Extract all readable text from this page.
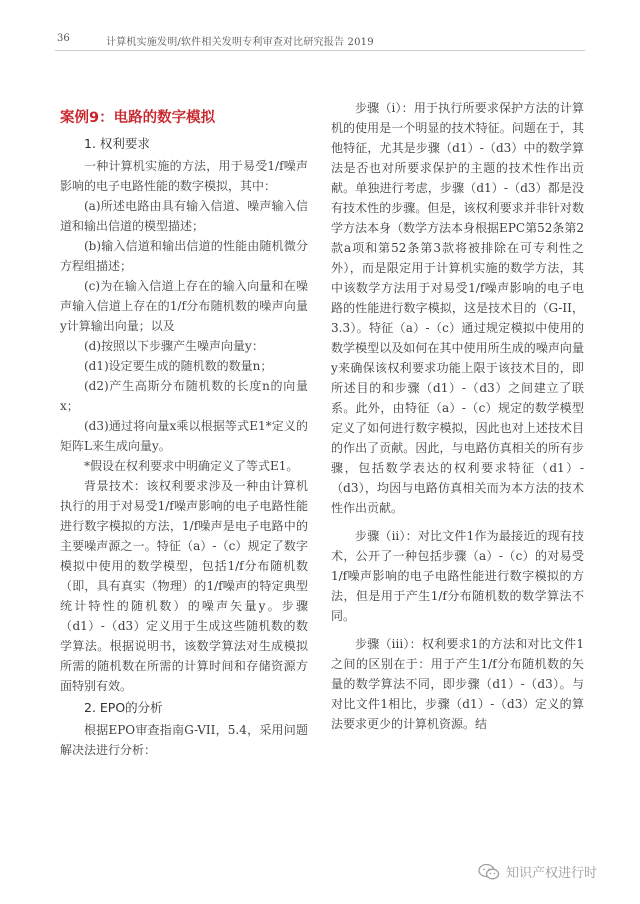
36	计算机实施发明/软件相关发明专利审查对比研究报告 2019
案例9：电路的数字模拟
1. 权利要求

一种计算机实施的方法，用于易受1/f噪声影响的电子电路性能的数字模拟，其中：

(a)所述电路由具有输入信道、噪声输入信道和输出信道的模型描述；

(b)输入信道和输出信道的性能由随机微分方程组描述；

(c)为在输入信道上存在的输入向量和在噪声输入信道上存在的1/f分布随机数的噪声向量y计算输出向量；以及

(d)按照以下步骤产生噪声向量y：

(d1)设定要生成的随机数的数量n；

(d2)产生高斯分布随机数的长度n的向量x；

(d3)通过将向量x乘以根据等式E1*定义的矩阵L来生成向量y。

*假设在权利要求中明确定义了等式E1。

背景技术：该权利要求涉及一种由计算机执行的用于对易受1/f噪声影响的电子电路性能进行数字模拟的方法，1/f噪声是电子电路中的主要噪声源之一。特征（a）-（c）规定了数字模拟中使用的数学模型，包括1/f分布随机数（即，具有真实（物理）的1/f噪声的特定典型统计特性的随机数）的噪声矢量y。步骤（d1）-（d3）定义用于生成这些随机数的数学算法。根据说明书，该数学算法对生成模拟所需的随机数在所需的计算时间和存储资源方面特别有效。

2. EPO的分析

根据EPO审查指南G-VII，5.4，采用问题解决法进行分析：

步骤（i）：用于执行所要求保护方法的计算机的使用是一个明显的技术特征。问题在于，其他特征，尤其是步骤（d1）-（d3）中的数学算法是否也对所要求保护的主题的技术性作出贡献。单独进行考虑，步骤（d1）-（d3）都是没有技术性的步骤。但是，该权利要求并非针对数学方法本身（数学方法本身根据EPC第52条第2款a项和第52条第3款将被排除在可专利性之外），而是限定用于计算机实施的数学方法，其中该数学方法用于对易受1/f噪声影响的电子电路的性能进行数字模拟，这是技术目的（G-II，3.3）。特征（a）-（c）通过规定模拟中使用的数学模型以及如何在其中使用所生成的噪声向量y来确保该权利要求功能上限于该技术目的，即所述目的和步骤（d1）-（d3）之间建立了联系。此外，由特征（a）-（c）规定的数学模型定义了如何进行数字模拟，因此也对上述技术目的作出了贡献。因此，与电路仿真相关的所有步骤，包括数学表达的权利要求特征（d1）-（d3），均因与电路仿真相关而为本方法的技术性作出贡献。

步骤（ii）：对比文件1作为最接近的现有技术，公开了一种包括步骤（a）-（c）的对易受1/f噪声影响的电子电路性能进行数字模拟的方法，但是用于产生1/f分布随机数的数学算法不同。

步骤（iii）：权利要求1的方法和对比文件1之间的区别在于：用于产生1/f分布随机数的矢量的数学算法不同，即步骤（d1）-（d3）。与对比文件1相比，步骤（d1）-（d3）定义的算法要求更少的计算机资源。结

知识产权进行时
